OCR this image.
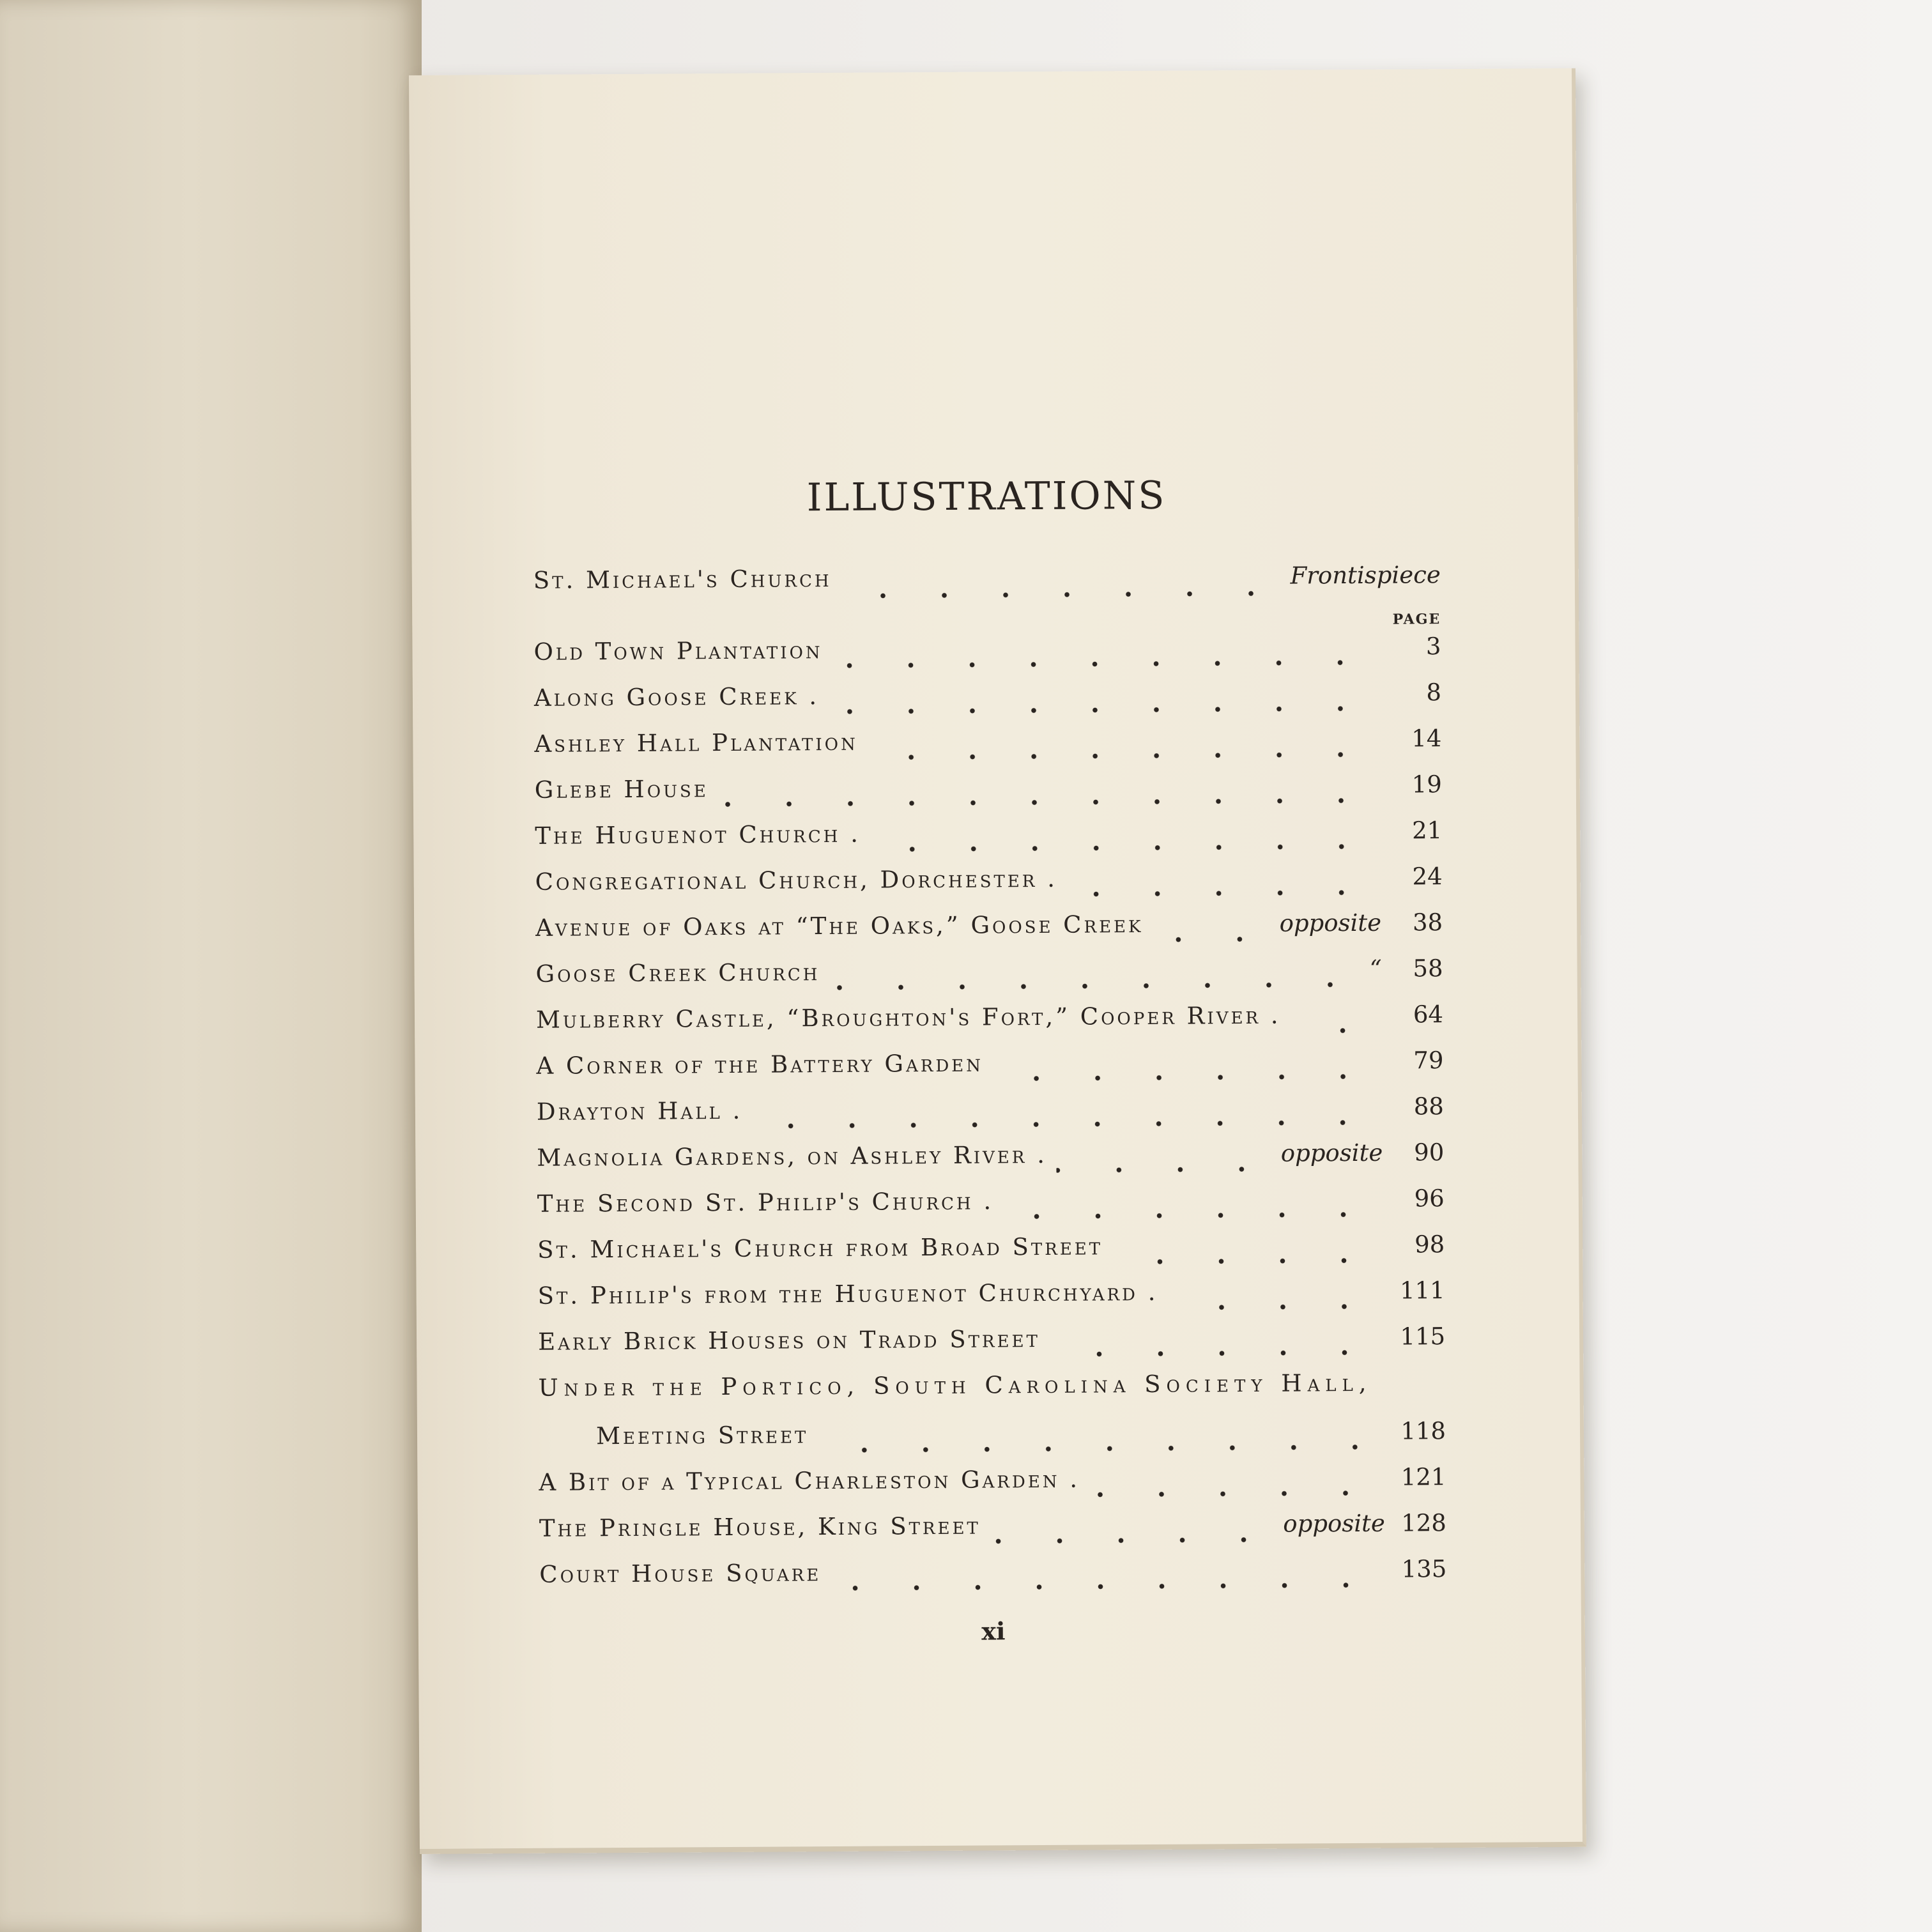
ILLUSTRATIONS
St. Michael's Church	Frontispiece
PAGE
Old Town Plantation	3
Along Goose Creek .	8
Ashley Hall Plantation	14
Glebe House	19
The Huguenot Church .	21
Congregational Church, Dorchester .	24
Avenue of Oaks at “The Oaks,” Goose Creek	opposite	38
Goose Creek Church	“	58
Mulberry Castle, “Broughton's Fort,” Cooper River .	64
A Corner of the Battery Garden	79
Drayton Hall .	88
Magnolia Gardens, on Ashley River .	opposite	90
The Second St. Philip's Church .	96
St. Michael's Church from Broad Street	98
St. Philip's from the Huguenot Churchyard .	111
Early Brick Houses on Tradd Street	115
Under the Portico, South Carolina Society Hall,
Meeting Street	118
A Bit of a Typical Charleston Garden .	121
The Pringle House, King Street	opposite 128
Court House Square	135
xi
